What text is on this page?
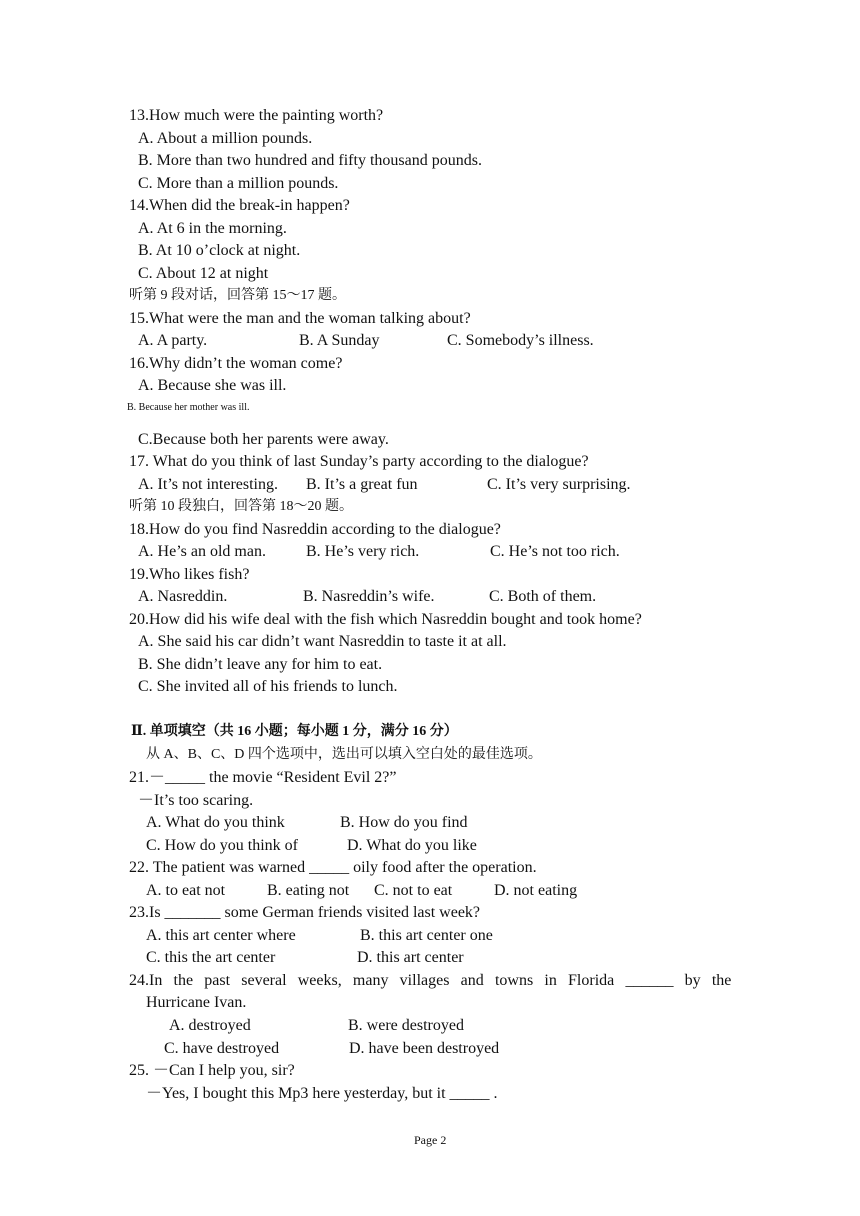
13.How much were the painting worth?
A. About a million pounds.
B. More than two hundred and fifty thousand pounds.
C. More than a million pounds.
14.When did the break-in happen?
A. At 6 in the morning.
B. At 10 o’clock at night.
C. About 12 at night
听第 9 段对话，回答第 15～17 题。
15.What were the man and the woman talking about?
A. A party.	B. A Sunday	C. Somebody’s illness.
16.Why didn’t the woman come?
A. Because she was ill.
B. Because her mother was ill.
C.Because both her parents were away.
17. What do you think of last Sunday’s party according to the dialogue?
A. It’s not interesting. B. It’s a great fun	C. It’s very surprising.
听第 10 段独白，回答第 18～20 题。
18.How do you find Nasreddin according to the dialogue?
A. He’s an old man.	B. He’s very rich.	C. He’s not too rich.
19.Who likes fish?
A. Nasreddin.	B. Nasreddin’s wife.	C. Both of them.
20.How did his wife deal with the fish which Nasreddin bought and took home?
A. She said his car didn’t want Nasreddin to taste it at all.
B. She didn’t leave any for him to eat.
C. She invited all of his friends to lunch.
Ⅱ. 单项填空（共 16 小题；每小题 1 分，满分 16 分）
从 A、B、C、D 四个选项中，选出可以填入空白处的最佳选项。
21.－_____ the movie “Resident Evil 2?”
－It’s too scaring.
A. What do you think	B. How do you find
C. How do you think of	D. What do you like
22. The patient was warned _____ oily food after the operation.
A. to eat not	B. eating not C. not to eat	D. not eating
23.Is _______ some German friends visited last week?
A. this art center where	B. this art center one
C. this the art center	D. this art center
24.In the past several weeks, many villages and towns in Florida ______ by the
Hurricane Ivan.
A. destroyed	B. were destroyed
C. have destroyed	D. have been destroyed
25. －Can I help you, sir?
－Yes, I bought this Mp3 here yesterday, but it _____ .
Page 2
